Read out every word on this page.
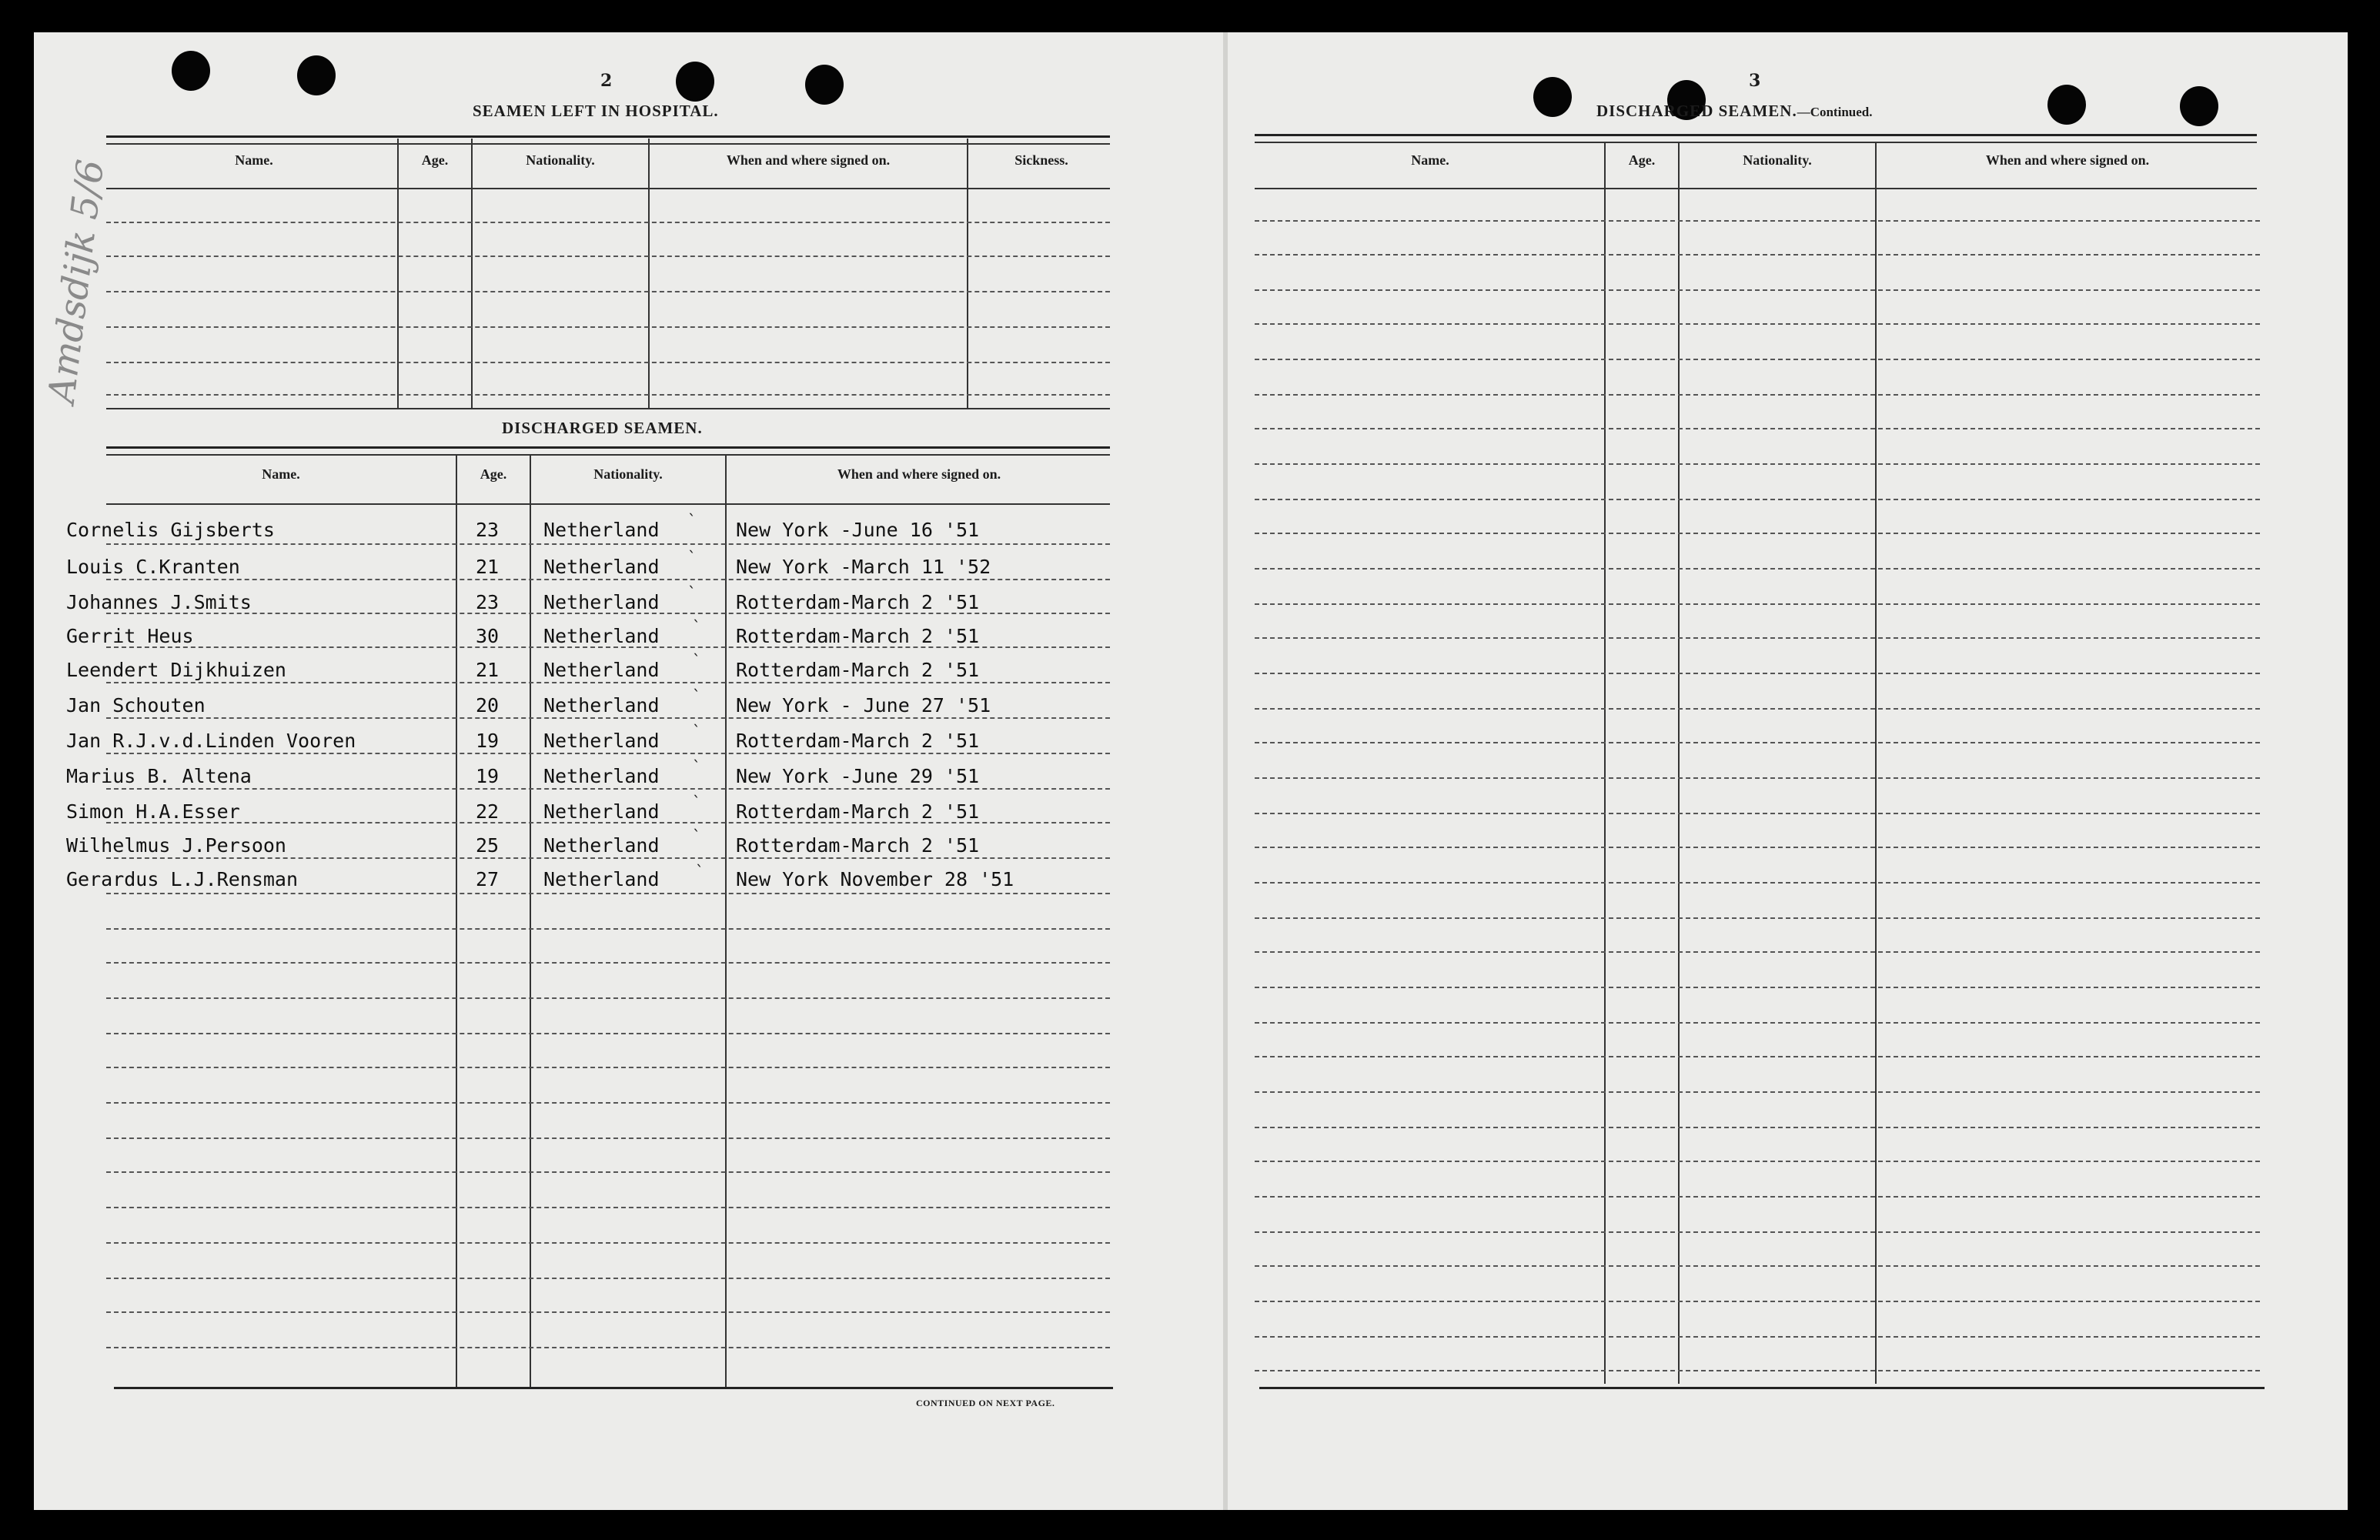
Amdsdijk 5/6
2
SEAMEN LEFT IN HOSPITAL.
Name.	Age.	Nationality.	When and where signed on.	Sickness.
DISCHARGED SEAMEN.
Name.	Age.	Nationality.	When and where signed on.
Cornelis Gijsberts	23 Netherland	New York -June 16 '51
Louis C.Kranten	21 Netherland	New York -March 11 '52
Johannes J.Smits	23 Netherland	Rotterdam-March 2 '51
Gerrit Heus	30 Netherland	Rotterdam-March 2 '51
Leendert Dijkhuizen	21 Netherland	Rotterdam-March 2 '51
Jan Schouten	20 Netherland	New York - June 27 '51
Jan R.J.v.d.Linden Vooren	19 Netherland	Rotterdam-March 2 '51
Marius B. Altena	19 Netherland	New York -June 29 '51
Simon H.A.Esser	22 Netherland	Rotterdam-March 2 '51
Wilhelmus J.Persoon	25 Netherland	Rotterdam-March 2 '51
Gerardus L.J.Rensman	27 Netherland	New York November 28 '51
ˋ
ˋ
ˋ
ˋ
ˋ
ˋ
ˋ
ˋ
ˋ
ˋ
ˋ
CONTINUED ON NEXT PAGE.
3
DISCHARGED SEAMEN.—Continued.
Name.	Age.	Nationality.	When and where signed on.
